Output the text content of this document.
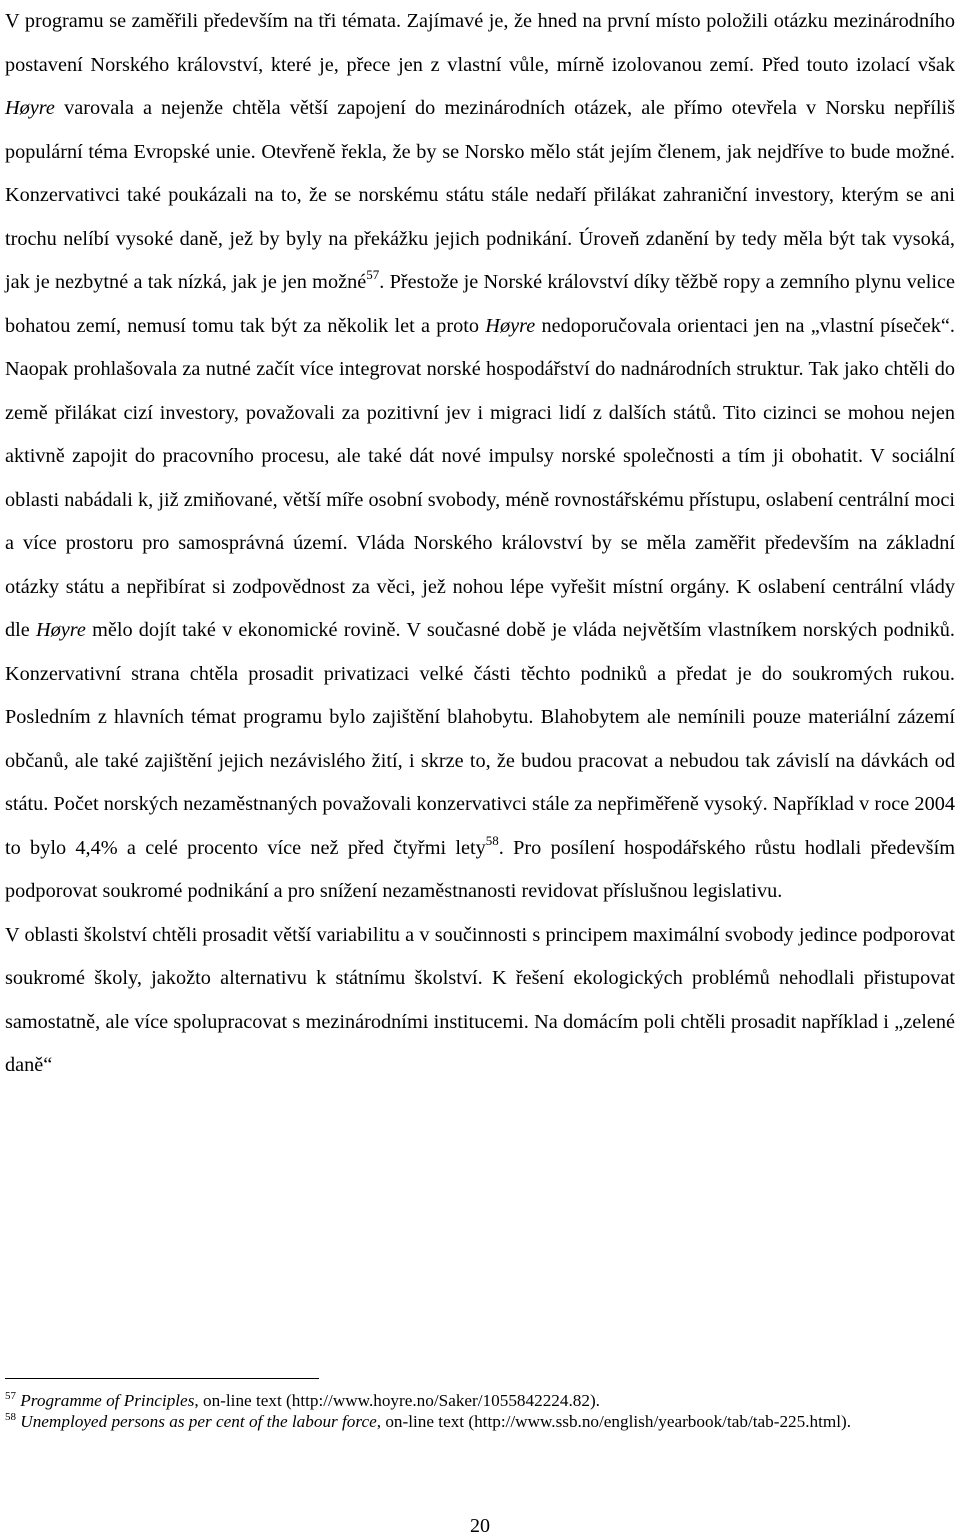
V programu se zaměřili především na tři témata. Zajímavé je, že hned na první místo položili otázku mezinárodního postavení Norského království, které je, přece jen z vlastní vůle, mírně izolovanou zemí. Před touto izolací však Høyre varovala a nejenže chtěla větší zapojení do mezinárodních otázek, ale přímo otevřela v Norsku nepříliš populární téma Evropské unie. Otevřeně řekla, že by se Norsko mělo stát jejím členem, jak nejdříve to bude možné. Konzervativci také poukázali na to, že se norskému státu stále nedaří přilákat zahraniční investory, kterým se ani trochu nelíbí vysoké daně, jež by byly na překážku jejich podnikání. Úroveň zdanění by tedy měla být tak vysoká, jak je nezbytné a tak nízká, jak je jen možné$^{57}$. Přestože je Norské království díky těžbě ropy a zemního plynu velice bohatou zemí, nemusí tomu tak být za několik let a proto Høyre nedoporučovala orientaci jen na „vlastní píseček“. Naopak prohlašovala za nutné začít více integrovat norské hospodářství do nadnárodních struktur. Tak jako chtěli do země přilákat cizí investory, považovali za pozitivní jev i migraci lidí z dalších států. Tito cizinci se mohou nejen aktivně zapojit do pracovního procesu, ale také dát nové impulsy norské společnosti a tím ji obohatit. V sociální oblasti nabádali k, již zmiňované, větší míře osobní svobody, méně rovnostářskému přístupu, oslabení centrální moci a více prostoru pro samosprávná území. Vláda Norského království by se měla zaměřit především na základní otázky státu a nepřibírat si zodpovědnost za věci, jež nohou lépe vyřešit místní orgány. K oslabení centrální vlády dle Høyre mělo dojít také v ekonomické rovině. V současné době je vláda největším vlastníkem norských podniků. Konzervativní strana chtěla prosadit privatizaci velké části těchto podniků a předat je do soukromých rukou. Posledním z hlavních témat programu bylo zajištění blahobytu. Blahobytem ale nemínili pouze materiální zázemí občanů, ale také zajištění jejich nezávislého žití, i skrze to, že budou pracovat a nebudou tak závislí na dávkách od státu. Počet norských nezaměstnaných považovali konzervativci stále za nepřiměřeně vysoký. Například v roce 2004 to bylo 4,4% a celé procento více než před čtyřmi lety$^{58}$. Pro posílení hospodářského růstu hodlali především podporovat soukromé podnikání a pro snížení nezaměstnanosti revidovat příslušnou legislativu.

V oblasti školství chtěli prosadit větší variabilitu a v součinnosti s principem maximální svobody jedince podporovat soukromé školy, jakožto alternativu k státnímu školství. K řešení ekologických problémů nehodlali přistupovat samostatně, ale více spolupracovat s mezinárodními institucemi. Na domácím poli chtěli prosadit například i „zelené daně“

$^{57}$ Programme of Principles, on-line text (http://www.hoyre.no/Saker/1055842224.82).

$^{58}$ Unemployed persons as per cent of the labour force, on-line text (http://www.ssb.no/english/yearbook/tab/tab-225.html).

20
